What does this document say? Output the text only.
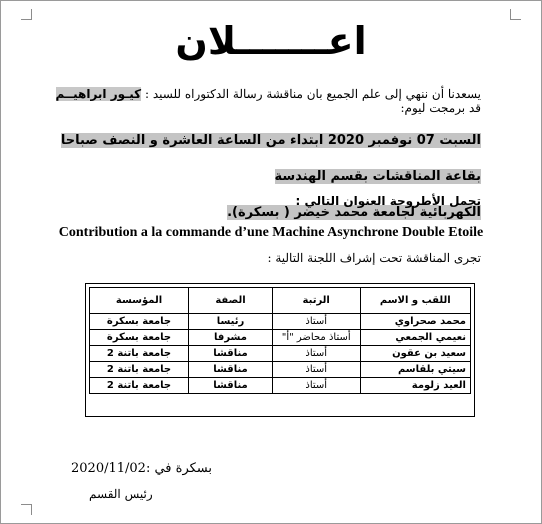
اعـــــــلان
يسعدنا أن ننهي إلى علم الجميع بان مناقشة رسالة الدكتوراه للسيد : كيـور ابراهيــم قد برمجت ليوم:
السبت 07 نوفمبر 2020 ابتداء من الساعة العاشرة و النصف صباحا بقاعة المناقشات بقسم الهندسة
الكهربائية لجامعة محمد خيضر ( بسكرة).
تحمل الأطروحة العنوان التالي :
Contribution a la commande d’une Machine Asynchrone Double Etoile
تجرى المناقشة تحت إشراف اللجنة التالية :
اللقب و الاسم	الرتبة	الصفة	المؤسسة
محمد صحراوي	أستاذ	رئيسا	جامعة بسكرة
نعيمي الجمعي	أستاذ محاضر "أ"	مشرفا	جامعة بسكرة
سعيد بن عقون	أستاذ	مناقشا	جامعة باتنة 2
سيتي بلقاسم	أستاذ	مناقشا	جامعة باتنة 2
العيد زلومة	أستاذ	مناقشا	جامعة باتنة 2
بسكرة في :2020/11/02
رئيس القسم
